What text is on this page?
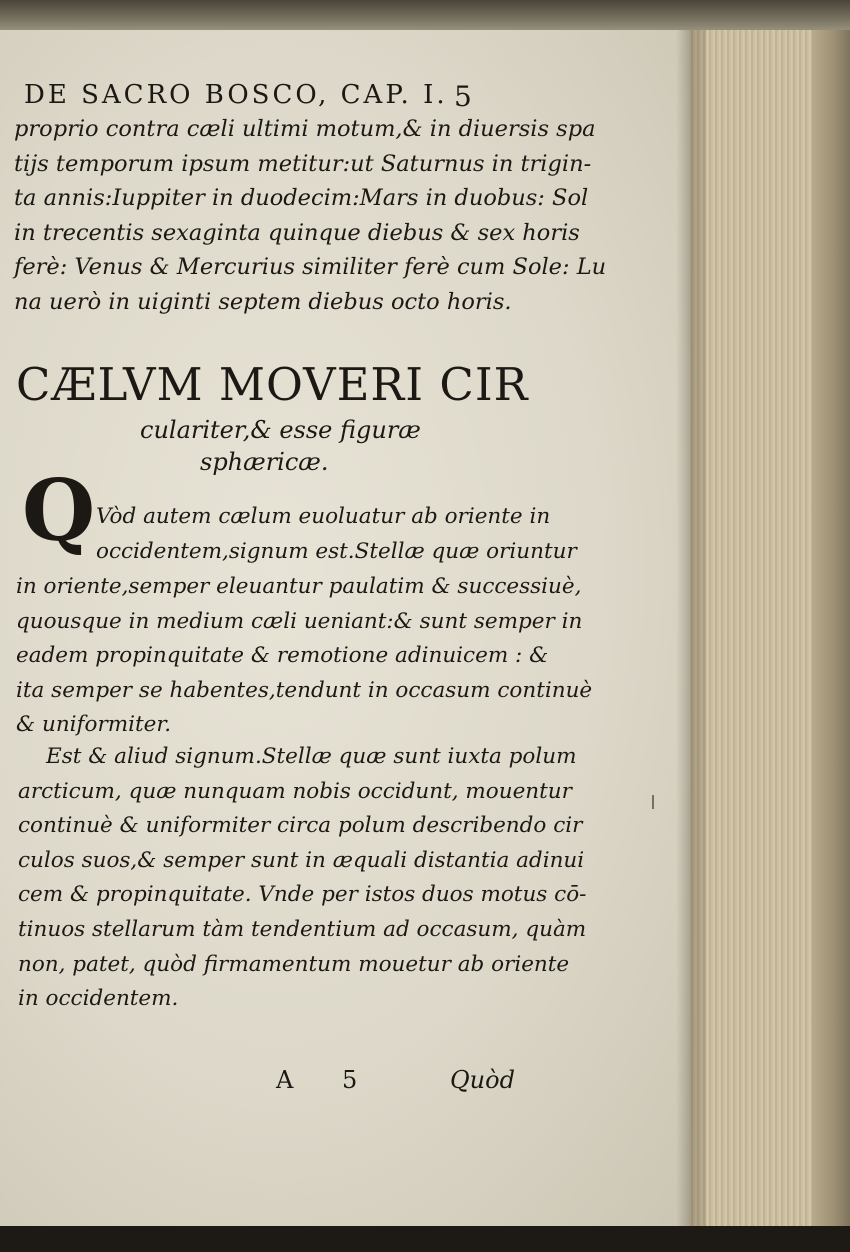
DE SACRO BOSCO, CAP. I. 5
proprio contra cæli ultimi motum,& in diuersis spa
tijs temporum ipsum metitur:ut Saturnus in trigin-
ta annis:Iuppiter in duodecim:Mars in duobus: Sol
in trecentis sexaginta quinque diebus & sex horis
ferè: Venus & Mercurius similiter ferè cum Sole: Lu
na uerò in uiginti septem diebus octo horis.
CÆLVM MOVERI CIR
culariter,& esse figuræ
sphæricæ.
Q Vòd autem cælum euoluatur ab oriente in
occidentem,signum est.Stellæ quæ oriuntur
in oriente,semper eleuantur paulatim & successiuè,
quousque in medium cæli ueniant:& sunt semper in
eadem propinquitate & remotione adinuicem : &
ita semper se habentes,tendunt in occasum continuè
& uniformiter.
Est & aliud signum.Stellæ quæ sunt iuxta polum
arcticum, quæ nunquam nobis occidunt, mouentur
continuè & uniformiter circa polum describendo cir
culos suos,& semper sunt in æquali distantia adinui
cem & propinquitate. Vnde per istos duos motus cō-
tinuos stellarum tàm tendentium ad occasum, quàm
non, patet, quòd firmamentum mouetur ab oriente
in occidentem.
A 5	Quòd
